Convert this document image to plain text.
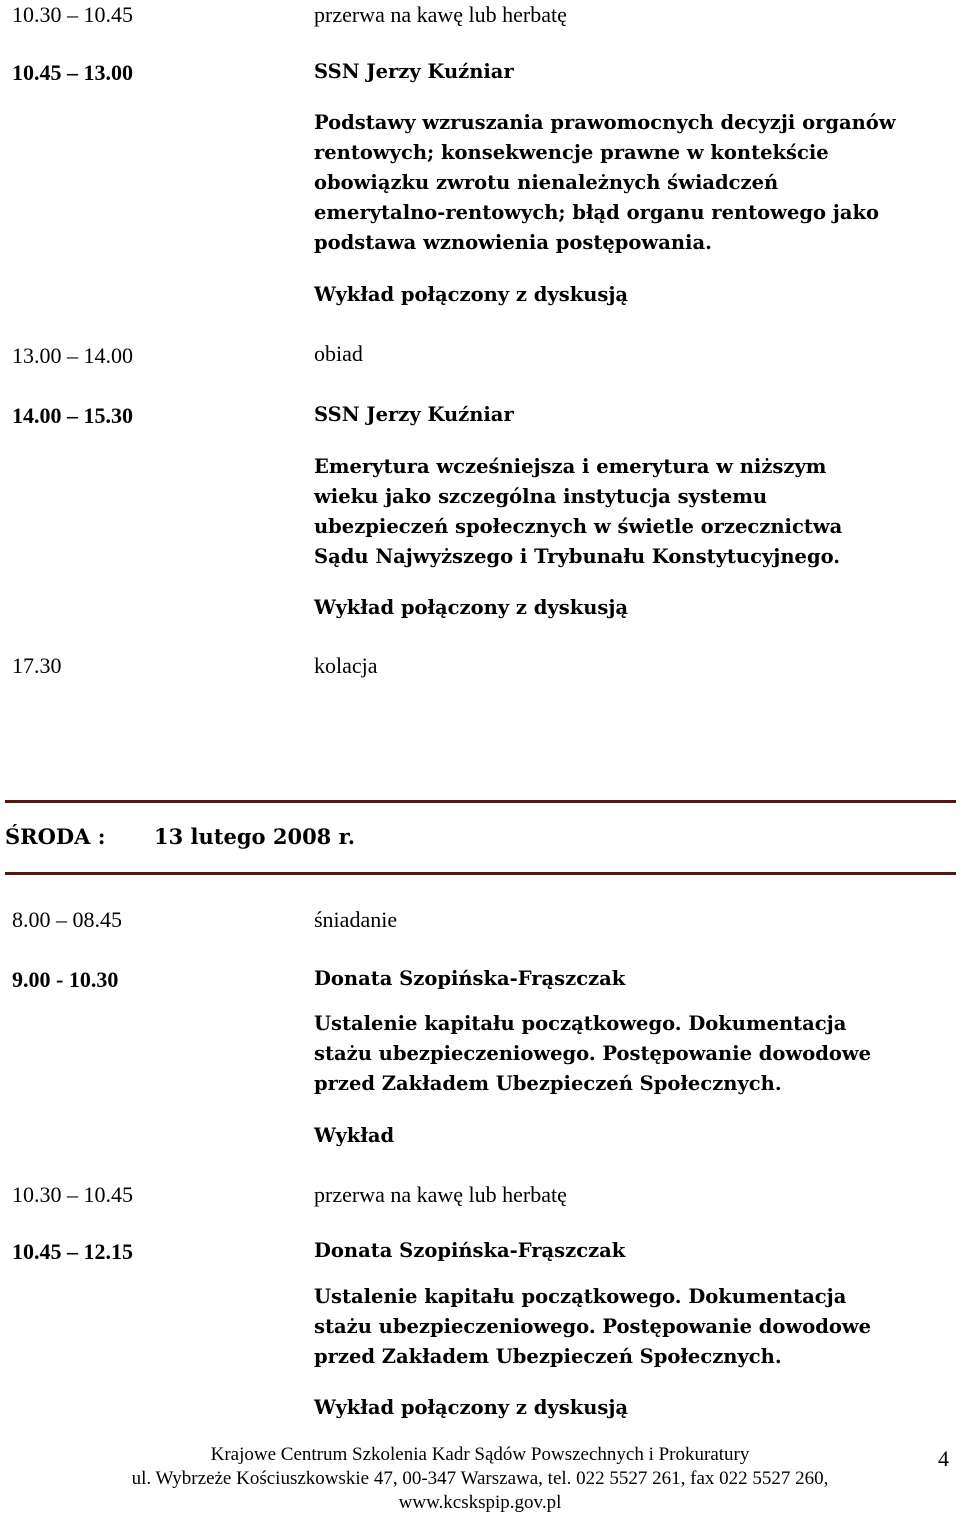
10.30 – 10.45	przerwa na kawę lub herbatę
10.45 – 13.00	SSN Jerzy Kuźniar
Podstawy wzruszania prawomocnych decyzji organów
rentowych; konsekwencje prawne w kontekście
obowiązku zwrotu nienależnych świadczeń
emerytalno-rentowych; błąd organu rentowego jako
podstawa wznowienia postępowania.
Wykład połączony z dyskusją
13.00 – 14.00	obiad
14.00 – 15.30	SSN Jerzy Kuźniar
Emerytura wcześniejsza i emerytura w niższym
wieku jako szczególna instytucja systemu
ubezpieczeń społecznych w świetle orzecznictwa
Sądu Najwyższego i Trybunału Konstytucyjnego.
Wykład połączony z dyskusją
17.30	kolacja
ŚRODA : 13 lutego 2008 r.
8.00 – 08.45	śniadanie
9.00 - 10.30	Donata Szopińska-Frąszczak
Ustalenie kapitału początkowego. Dokumentacja
stażu ubezpieczeniowego. Postępowanie dowodowe
przed Zakładem Ubezpieczeń Społecznych.
Wykład
10.30 – 10.45	przerwa na kawę lub herbatę
10.45 – 12.15	Donata Szopińska-Frąszczak
Ustalenie kapitału początkowego. Dokumentacja
stażu ubezpieczeniowego. Postępowanie dowodowe
przed Zakładem Ubezpieczeń Społecznych.
Wykład połączony z dyskusją
Krajowe Centrum Szkolenia Kadr Sądów Powszechnych i Prokuratury
ul. Wybrzeże Kościuszkowskie 47, 00-347 Warszawa, tel. 022 5527 261, fax 022 5527 260,
www.kcskspip.gov.pl
4
